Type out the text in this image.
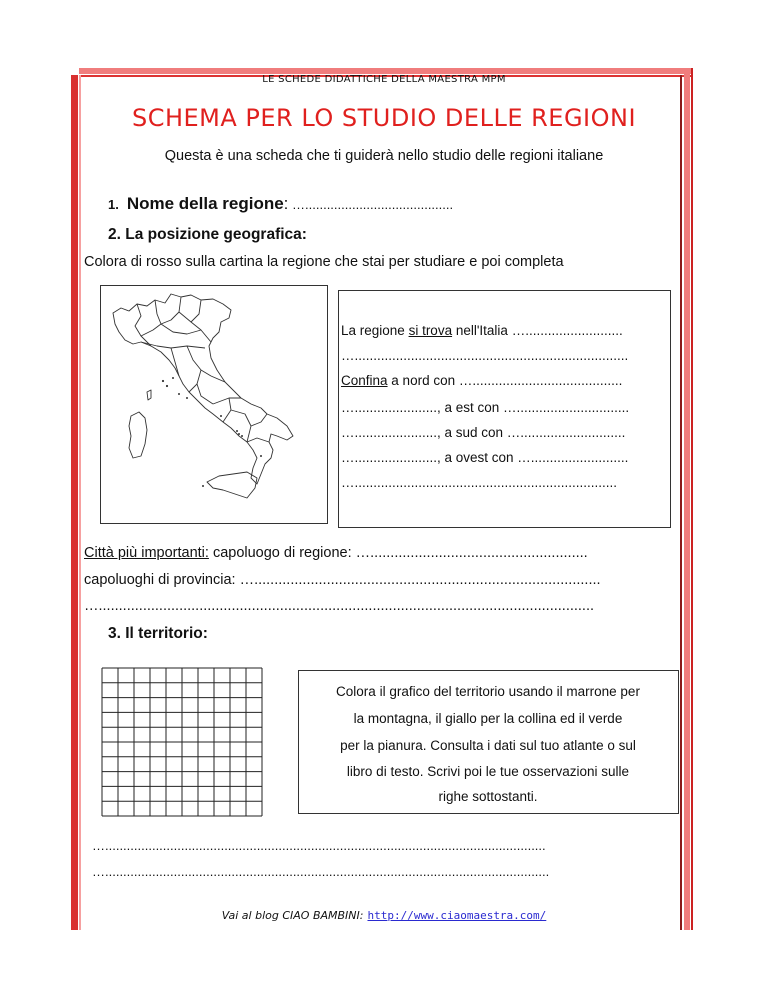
LE SCHEDE DIDATTICHE DELLA MAESTRA MPM
SCHEMA PER LO STUDIO DELLE REGIONI
Questa è una scheda che ti guiderà nello studio delle regioni italiane
1. Nome della regione: ….........................................
2. La posizione geografica:
Colora di rosso sulla cartina la regione che stai per studiare e poi completa
La regione si trova nell'Italia …..........................
….........................................................................
Confina a nord con …........................................
…......................, a est con …..............................
…......................, a sud con …............................
…......................, a ovest con …..........................
…......................................................................
Città più importanti: capoluogo di regione: …......................................................
capoluoghi di provincia: …......................................................................................
…...........................................................................................................................
3. Il territorio:
Colora il grafico del territorio usando il marrone per
la montagna, il giallo per la collina ed il verde
per la pianura. Consulta i dati sul tuo atlante o sul
libro di testo. Scrivi poi le tue osservazioni sulle
righe sottostanti.
…..........................................................................................................................
…...........................................................................................................................
Vai al blog CIAO BAMBINI: http://www.ciaomaestra.com/
